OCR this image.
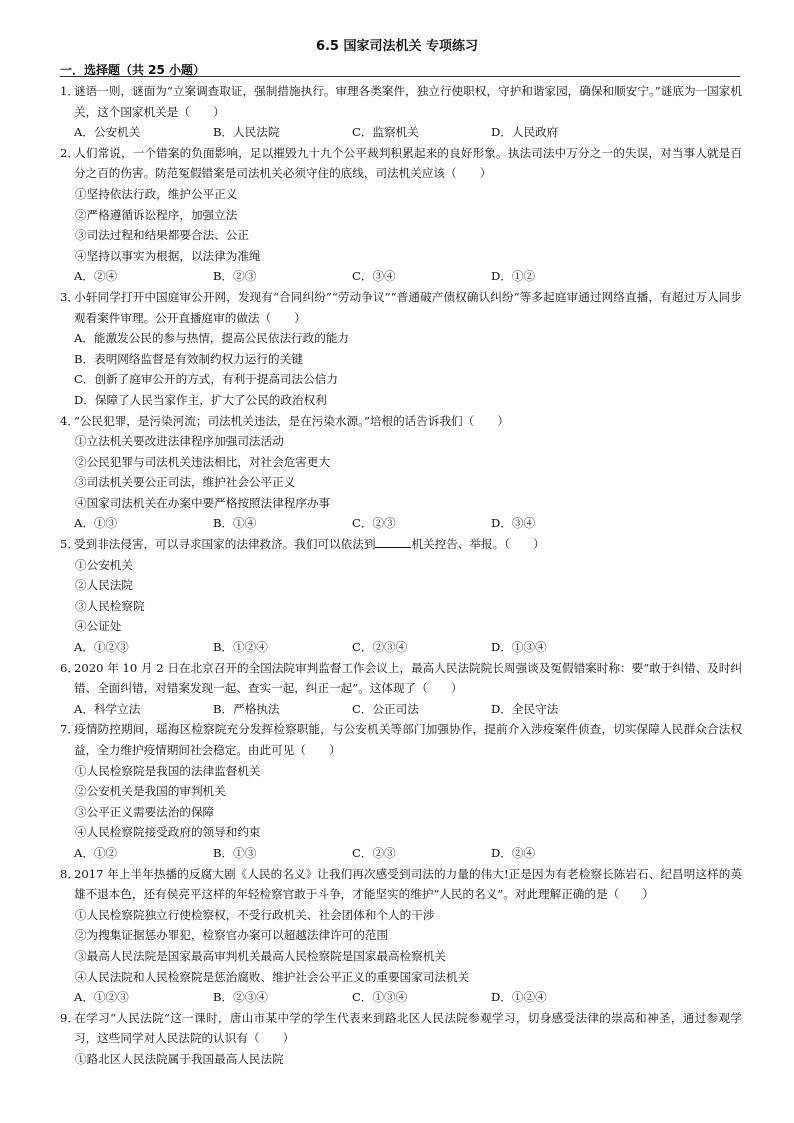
6.5 国家司法机关 专项练习
一．选择题（共 25 小题）
1．谜语一则，谜面为“立案调查取证，强制措施执行。审理各类案件，独立行使职权，守护和谐家园，确保和顺安宁。”谜底为一国家机关，这个国家机关是（　　）
A．公安机关	B．人民法院	C．监察机关	D．人民政府
2．人们常说，一个错案的负面影响，足以摧毁九十九个公平裁判积累起来的良好形象。执法司法中万分之一的失误，对当事人就是百分之百的伤害。防范冤假错案是司法机关必须守住的底线，司法机关应该（　　）
①坚持依法行政，维护公平正义
②严格遵循诉讼程序，加强立法
③司法过程和结果都要合法、公正
④坚持以事实为根据，以法律为准绳
A．②④	B．②③	C．③④	D．①②
3．小轩同学打开中国庭审公开网，发现有“合同纠纷”“劳动争议”“普通破产债权确认纠纷”等多起庭审通过网络直播，有超过万人同步观看案件审理。公开直播庭审的做法（　　）
A．能激发公民的参与热情，提高公民依法行政的能力
B．表明网络监督是有效制约权力运行的关键
C．创新了庭审公开的方式，有利于提高司法公信力
D．保障了人民当家作主，扩大了公民的政治权利
4．“公民犯罪，是污染河流；司法机关违法，是在污染水源。”培根的话告诉我们（　　）
①立法机关要改进法律程序加强司法活动
②公民犯罪与司法机关违法相比，对社会危害更大
③司法机关要公正司法，维护社会公平正义
④国家司法机关在办案中要严格按照法律程序办事
A．①③	B．①④	C．②③	D．③④
5．受到非法侵害，可以寻求国家的法律救济。我们可以依法到	机关控告、举报。（　　）
①公安机关
②人民法院
③人民检察院
④公证处
A．①②③	B．①②④	C．②③④	D．①③④
6．2020 年 10 月 2 日在北京召开的全国法院审判监督工作会议上，最高人民法院院长周强谈及冤假错案时称：要“敢于纠错、及时纠错、全面纠错，对错案发现一起、查实一起，纠正一起”。这体现了（　　）
A．科学立法	B．严格执法	C．公正司法	D．全民守法
7．疫情防控期间，瑶海区检察院充分发挥检察职能，与公安机关等部门加强协作，提前介入涉疫案件侦查，切实保障人民群众合法权益，全力维护疫情期间社会稳定。由此可见（　　）
①人民检察院是我国的法律监督机关
②公安机关是我国的审判机关
③公平正义需要法治的保障
④人民检察院接受政府的领导和约束
A．①②	B．①③	C．②③	D．②④
8．2017 年上半年热播的反腐大剧《人民的名义》让我们再次感受到司法的力量的伟大!正是因为有老检察长陈岩石、纪昌明这样的英雄不退本色，还有侯亮平这样的年轻检察官敢于斗争，才能坚实的维护“人民的名义”。对此理解正确的是（　　）
①人民检察院独立行使检察权，不受行政机关、社会团体和个人的干涉
②为搜集证据惩办罪犯，检察官办案可以超越法律许可的范围
③最高人民法院是国家最高审判机关最高人民检察院是国家最高检察机关
④人民法院和人民检察院是惩治腐败、维护社会公平正义的重要国家司法机关
A．①②③	B．②③④	C．①③④	D．①②④
9．在学习“人民法院”这一课时，唐山市某中学的学生代表来到路北区人民法院参观学习，切身感受法律的崇高和神圣，通过参观学习，这些同学对人民法院的认识有（　　）
①路北区人民法院属于我国最高人民法院
